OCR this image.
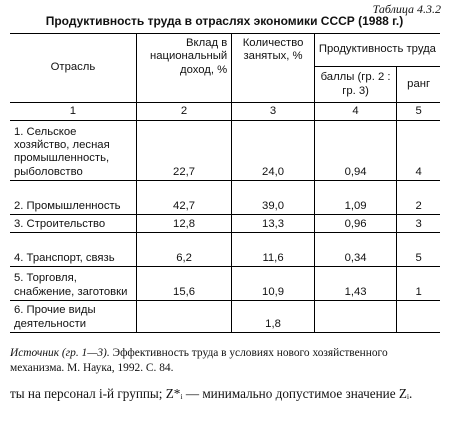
Таблица 4.3.2
Продуктивность труда в отраслях экономики СССР (1988 г.)
Отрасль	Вклад в национальный доход, %	Количество занятых, %	Продуктивность труда	
			баллы (гр. 2 : гр. 3)	ранг
1	2	3	4	5
1. Сельское хозяйство, лесная промышленность, рыболовство	22,7	24,0	0,94	4
2. Промышленность	42,7	39,0	1,09	2
3. Строительство	12,8	13,3	0,96	3
4. Транспорт, связь	6,2	11,6	0,34	5
5. Торговля, снабжение, заготовки	15,6	10,9	1,43	1
6. Прочие виды деятельности		1,8		
Источник (гр. 1—3). Эффективность труда в условиях нового хозяйственного механизма. М. Наука, 1992. С. 84.
ты на персонал i-й группы; Z*ᵢ — минимально допустимое значение Zᵢ.
